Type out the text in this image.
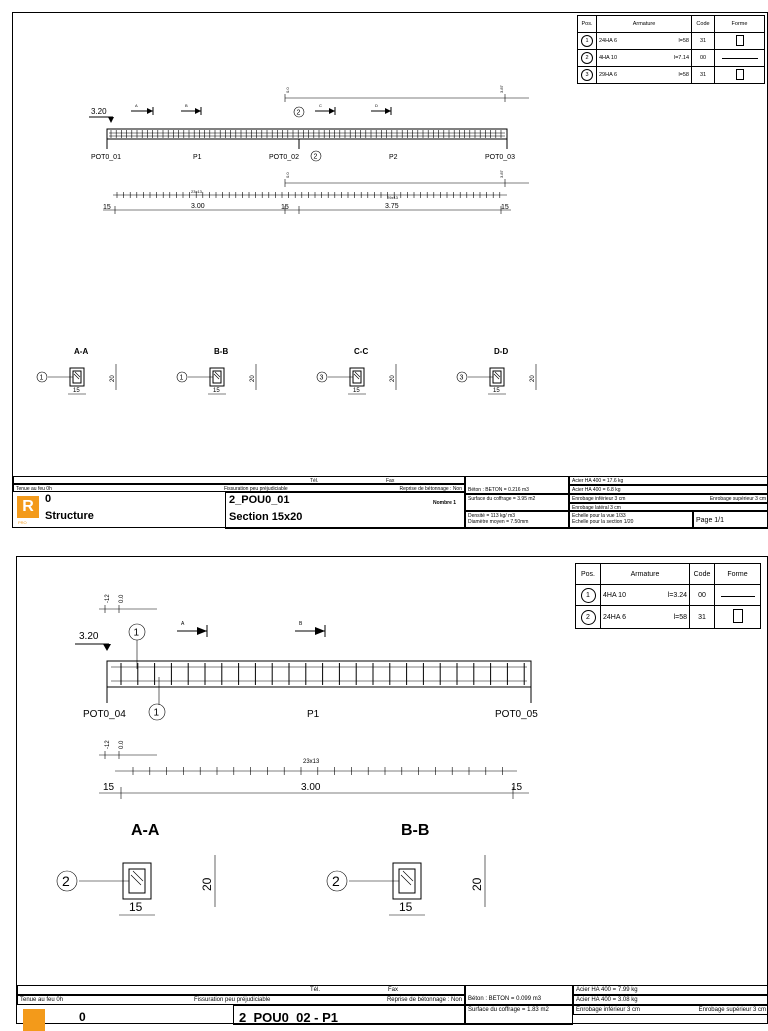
Pos.	Armature	Code	Forme
1	24HA 6 l=58	31	
2	4HA 10 l=7.14	00	
3	29HA 6 l=58	31	
3.20
A	B	C	D
0.0	3.87
2
POT0_01	P1	POT0_02 2	P2	POT0_03
0.0	3.87
23x13
29x13
15	3.00	15	3.75	15
A-A
1
15
20
B-B
1
15
20
C-C
3
15
20
D-D
3
15
20
Tél.	Fax
Tenue au feu 0h	Fissuration peu préjudiciable	Reprise de bétonnage : Non
R
PRO
0
Structure
2_POU0_01
Section 15x20
Nombre 1
Béton : BETON = 0.216 m3
Surface du coffrage = 3.95 m2
Densité = 113 kg/ m3
Diamètre moyen = 7.50mm
Acier HA 400 = 17.6 kg
Acier HA 400 = 6.8 kg
Enrobage inférieur 3 cm	Enrobage supérieur 3 cm
Enrobage latéral 3 cm
Echelle pour la vue 1/33
Echelle pour la section 1/20	Page 1/1
Pos.	Armature	Code	Forme
1	4HA 10 l=3.24	00	
2	24HA 6 l=58	31	
-12 0.0
3.20	1
A	B
POT0_04	1	P1	POT0_05
-12 0.0
23x13
15	3.00	15
A-A
2
15
20
B-B
2
15
20
Tél.	Fax
Tenue au feu 0h	Fissuration peu préjudiciable	Reprise de bétonnage : Non
0	2_POU0_02 - P1
Béton : BETON = 0.099 m3
Surface du coffrage = 1.83 m2
Acier HA 400 = 7.99 kg
Acier HA 400 = 3.08 kg
Enrobage inférieur 3 cm	Enrobage supérieur 3 cm
